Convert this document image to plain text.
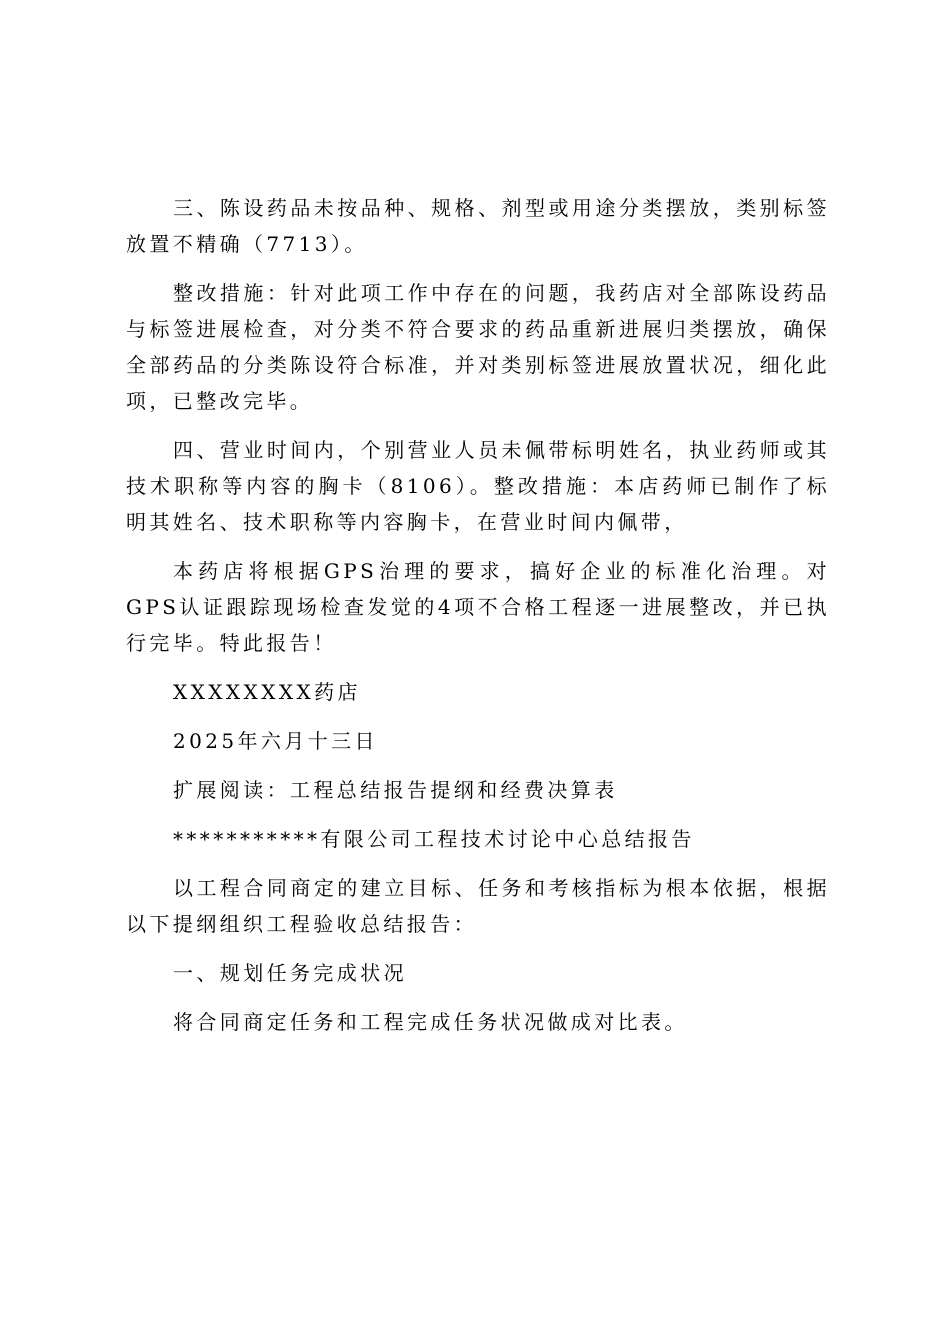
三、陈设药品未按品种、规格、剂型或用途分类摆放，类别标签放置不精确（7713）。

整改措施：针对此项工作中存在的问题，我药店对全部陈设药品与标签进展检查，对分类不符合要求的药品重新进展归类摆放，确保全部药品的分类陈设符合标准，并对类别标签进展放置状况，细化此项，已整改完毕。

四、营业时间内，个别营业人员未佩带标明姓名，执业药师或其技术职称等内容的胸卡（8106）。整改措施：本店药师已制作了标明其姓名、技术职称等内容胸卡，在营业时间内佩带，

本药店将根据GPS治理的要求，搞好企业的标准化治理。对GPS认证跟踪现场检查发觉的4项不合格工程逐一进展整改，并已执行完毕。特此报告！

XXXXXXXX药店

2025年六月十三日

扩展阅读：工程总结报告提纲和经费决算表

***********有限公司工程技术讨论中心总结报告

以工程合同商定的建立目标、任务和考核指标为根本依据，根据以下提纲组织工程验收总结报告：

一、规划任务完成状况

将合同商定任务和工程完成任务状况做成对比表。
